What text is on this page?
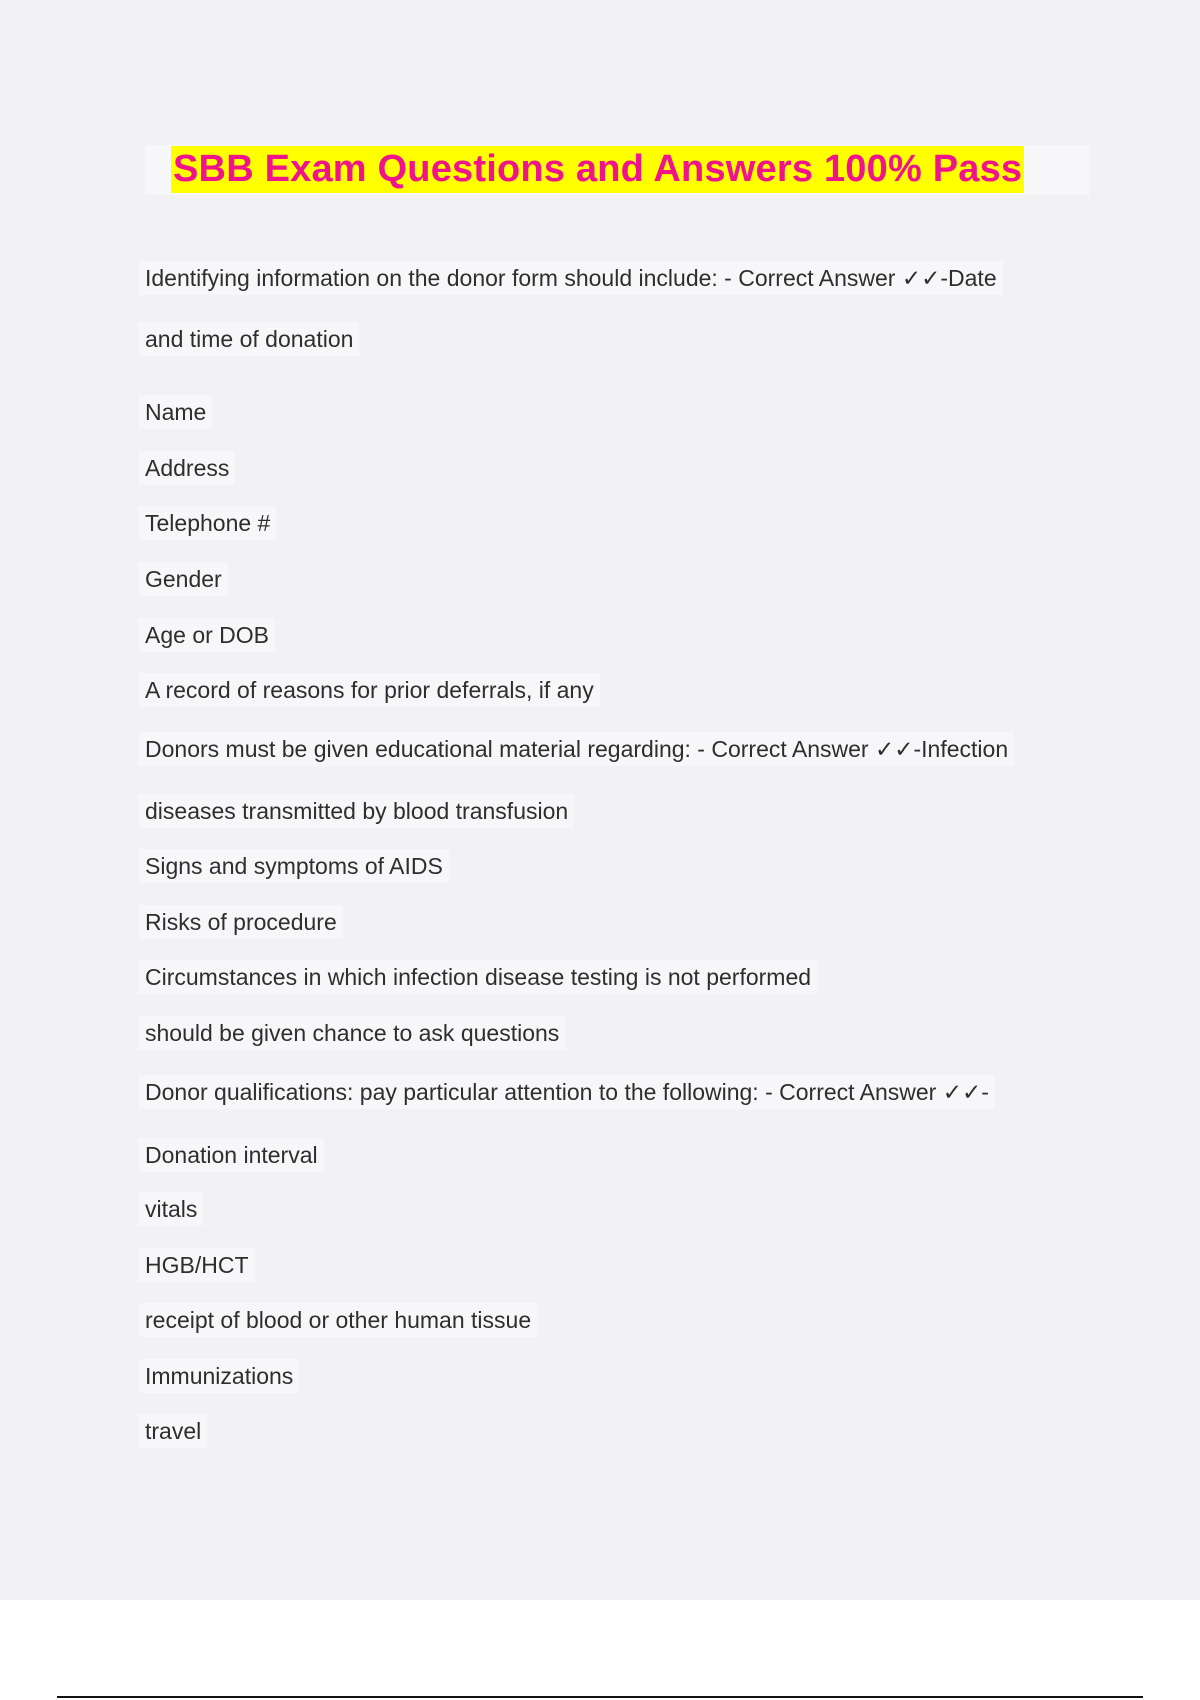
SBB Exam Questions and Answers 100% Pass

Identifying information on the donor form should include: - Correct Answer ✓✓-Date

and time of donation

Name

Address

Telephone #

Gender

Age or DOB

A record of reasons for prior deferrals, if any

Donors must be given educational material regarding: - Correct Answer ✓✓-Infection

diseases transmitted by blood transfusion

Signs and symptoms of AIDS

Risks of procedure

Circumstances in which infection disease testing is not performed

should be given chance to ask questions

Donor qualifications: pay particular attention to the following: - Correct Answer ✓✓-

Donation interval

vitals

HGB/HCT

receipt of blood or other human tissue

Immunizations

travel
